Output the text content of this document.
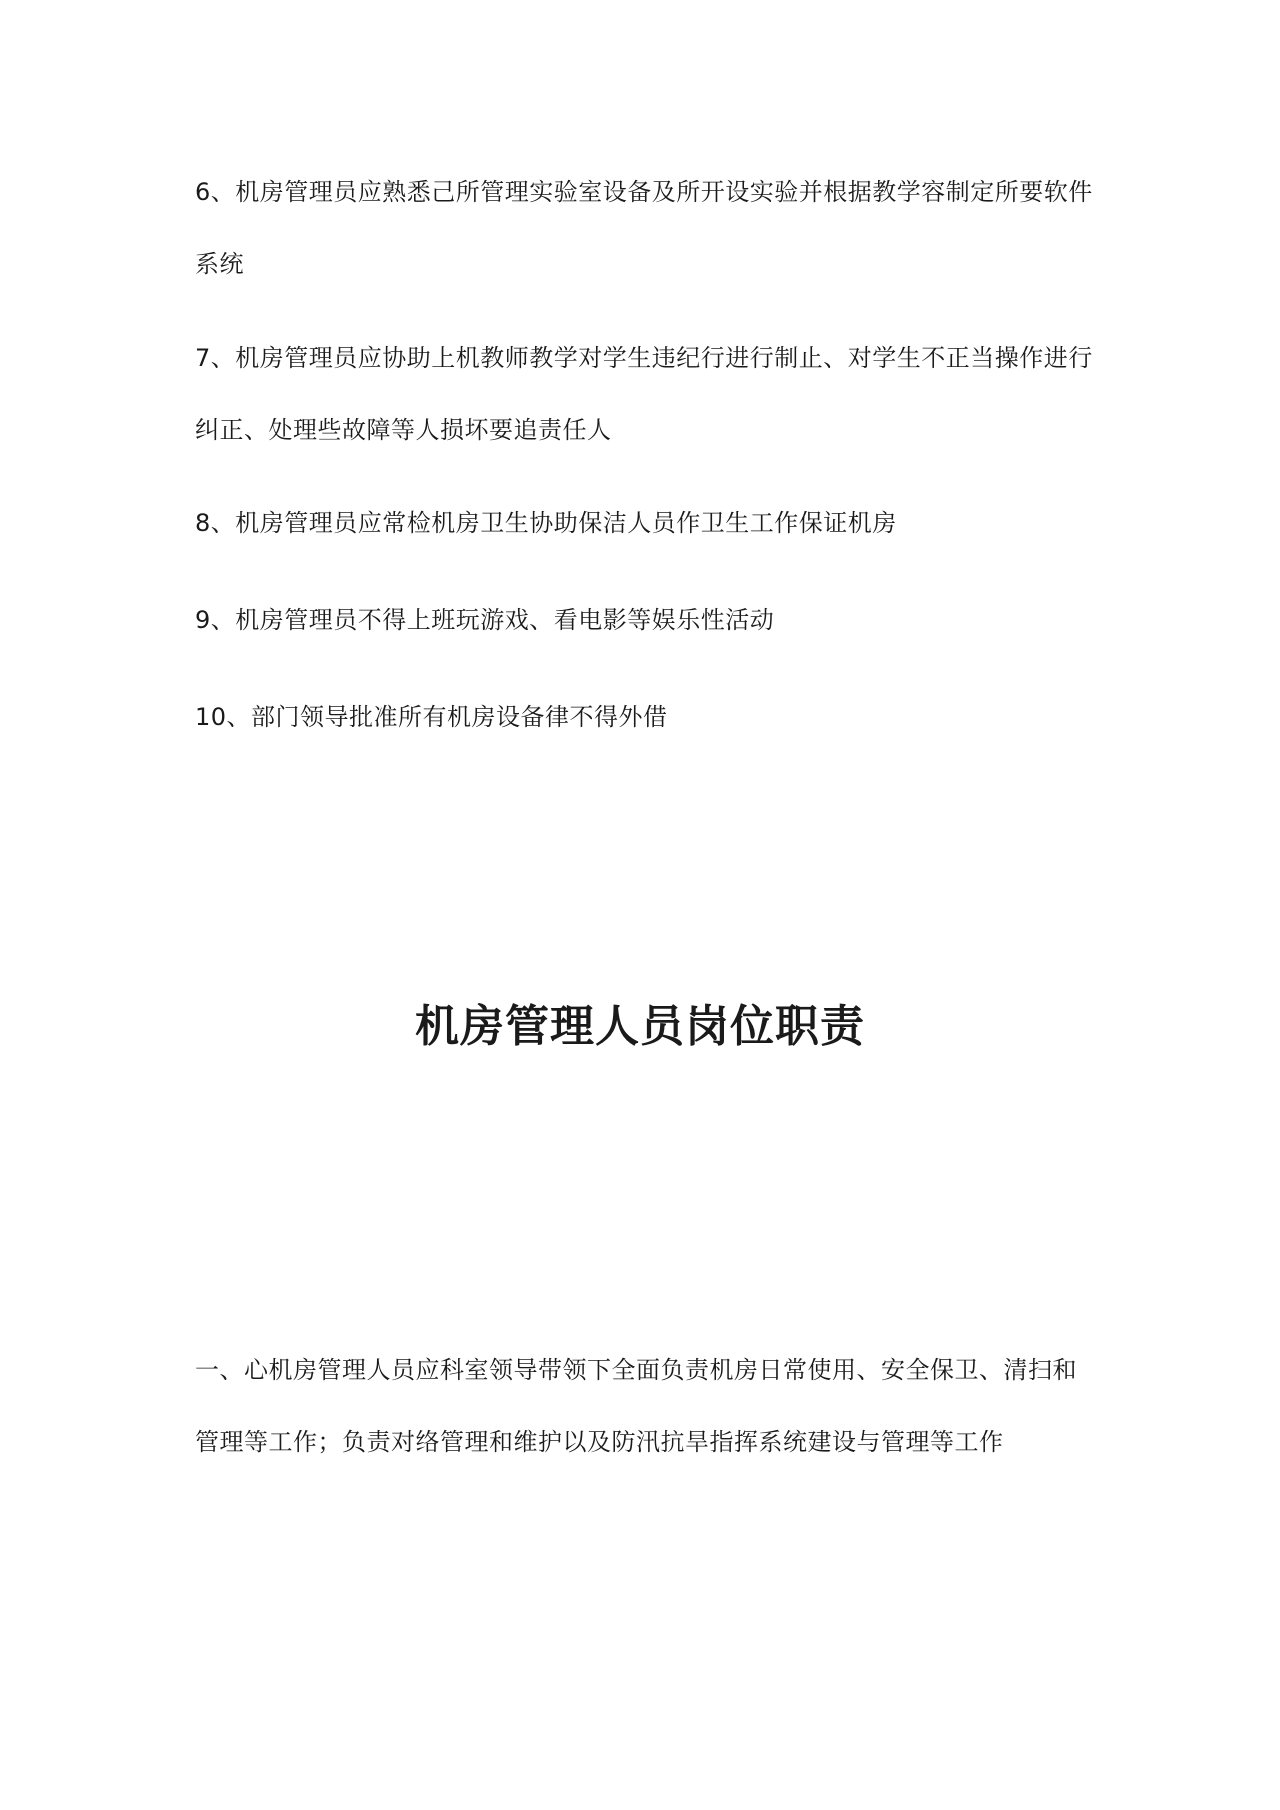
6、机房管理员应熟悉己所管理实验室设备及所开设实验并根据教学容制定所要软件系统

7、机房管理员应协助上机教师教学对学生违纪行进行制止、对学生不正当操作进行纠正、处理些故障等人损坏要追责任人

8、机房管理员应常检机房卫生协助保洁人员作卫生工作保证机房

9、机房管理员不得上班玩游戏、看电影等娱乐性活动

10、部门领导批准所有机房设备律不得外借

机房管理人员岗位职责

一、心机房管理人员应科室领导带领下全面负责机房日常使用、安全保卫、清扫和管理等工作；负责对络管理和维护以及防汛抗旱指挥系统建设与管理等工作
